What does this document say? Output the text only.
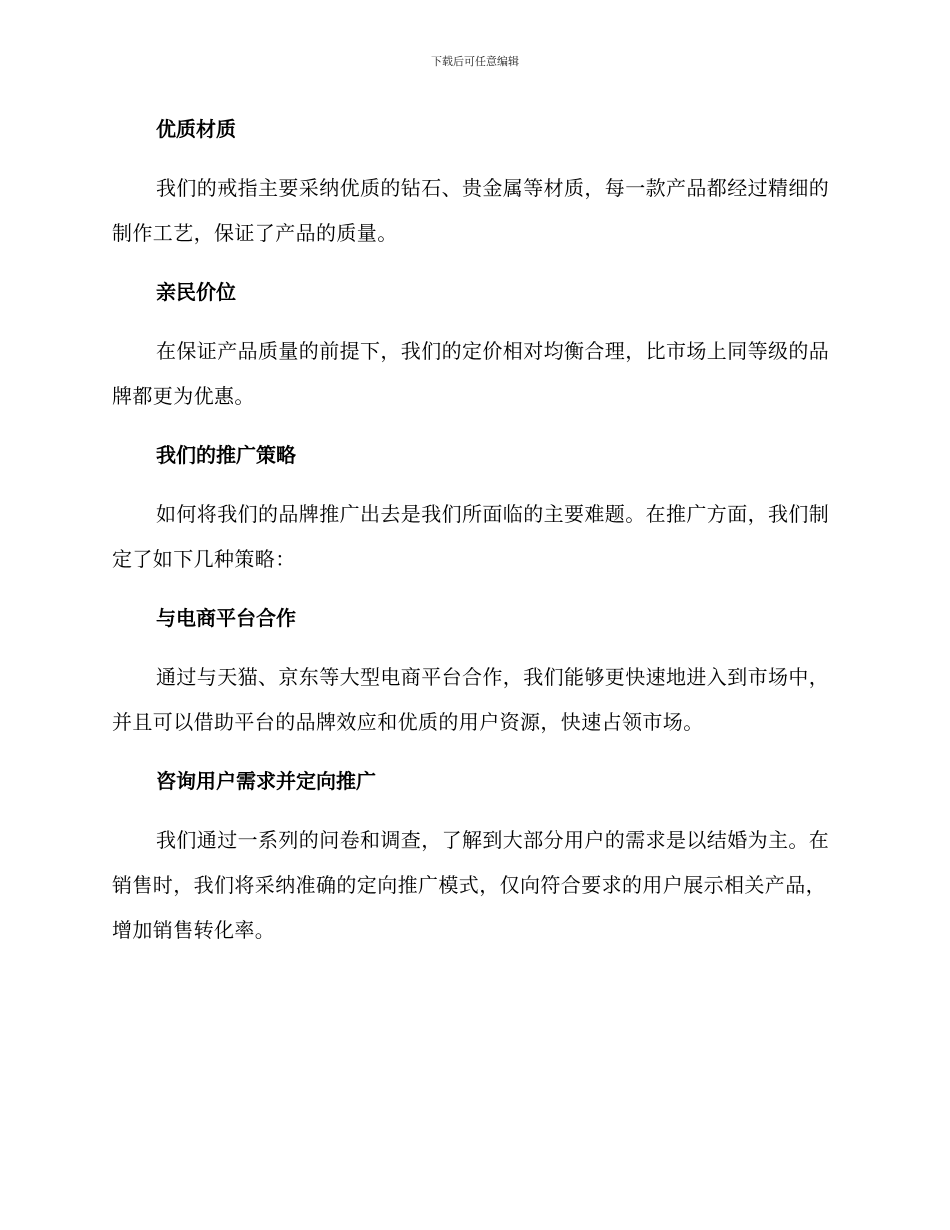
下载后可任意编辑
优质材质

我们的戒指主要采纳优质的钻石、贵金属等材质，每一款产品都经过精细的制作工艺，保证了产品的质量。

亲民价位

在保证产品质量的前提下，我们的定价相对均衡合理，比市场上同等级的品牌都更为优惠。

我们的推广策略

如何将我们的品牌推广出去是我们所面临的主要难题。在推广方面，我们制定了如下几种策略：

与电商平台合作

通过与天猫、京东等大型电商平台合作，我们能够更快速地进入到市场中，并且可以借助平台的品牌效应和优质的用户资源，快速占领市场。

咨询用户需求并定向推广

我们通过一系列的问卷和调查，了解到大部分用户的需求是以结婚为主。在销售时，我们将采纳准确的定向推广模式，仅向符合要求的用户展示相关产品，增加销售转化率。
